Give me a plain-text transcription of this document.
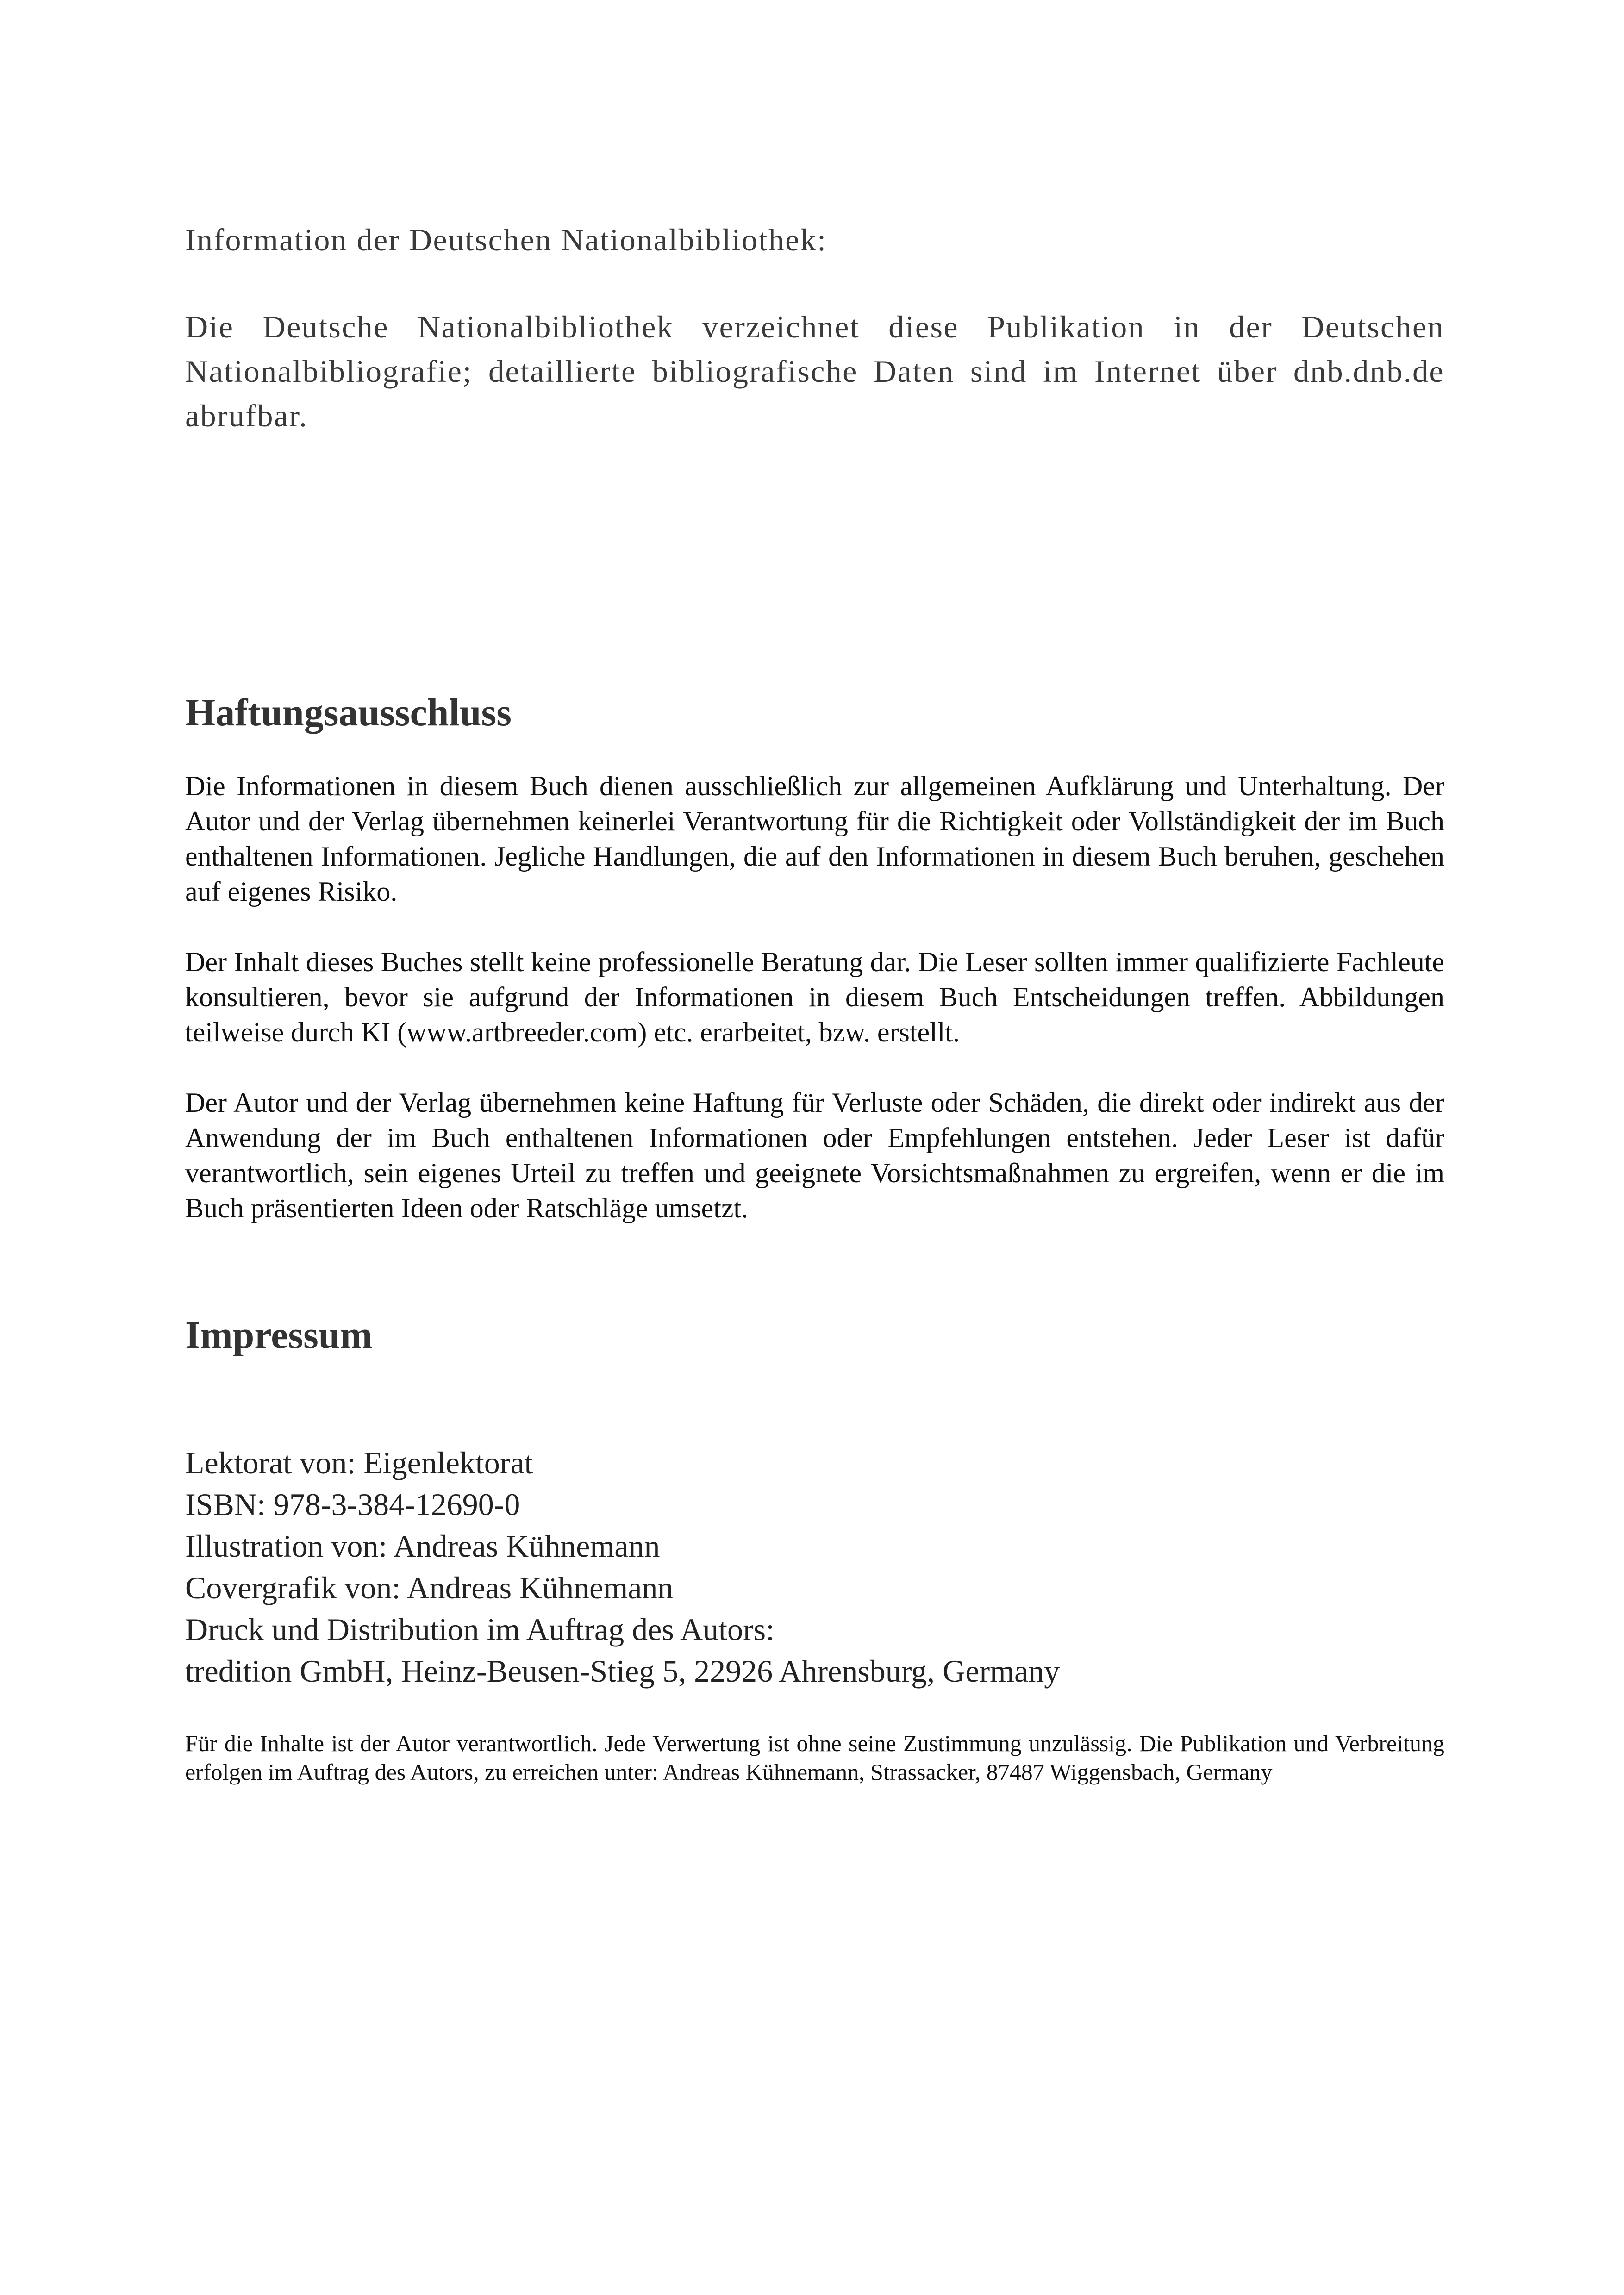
Information der Deutschen Nationalbibliothek:

Die Deutsche Nationalbibliothek verzeichnet diese Publikation in der Deutschen Nationalbibliografie; detaillierte bibliografische Daten sind im Internet über dnb.dnb.de abrufbar.

Haftungsausschluss

Die Informationen in diesem Buch dienen ausschließlich zur allgemeinen Aufklärung und Unterhaltung. Der Autor und der Verlag übernehmen keinerlei Verantwortung für die Richtigkeit oder Vollständigkeit der im Buch enthaltenen Informationen. Jegliche Handlungen, die auf den Informationen in diesem Buch beruhen, geschehen auf eigenes Risiko.

Der Inhalt dieses Buches stellt keine professionelle Beratung dar. Die Leser sollten immer qualifizierte Fachleute konsultieren, bevor sie aufgrund der Informationen in diesem Buch Entscheidungen treffen. Abbildungen teilweise durch KI (www.artbreeder.com) etc. erarbeitet, bzw. erstellt.

Der Autor und der Verlag übernehmen keine Haftung für Verluste oder Schäden, die direkt oder indirekt aus der Anwendung der im Buch enthaltenen Informationen oder Empfehlungen entstehen. Jeder Leser ist dafür verantwortlich, sein eigenes Urteil zu treffen und geeignete Vorsichtsmaßnahmen zu ergreifen, wenn er die im Buch präsentierten Ideen oder Ratschläge umsetzt.

Impressum
Lektorat von: Eigenlektorat
ISBN: 978-3-384-12690-0
Illustration von: Andreas Kühnemann
Covergrafik von: Andreas Kühnemann
Druck und Distribution im Auftrag des Autors:
tredition GmbH, Heinz-Beusen-Stieg 5, 22926 Ahrensburg, Germany

Für die Inhalte ist der Autor verantwortlich. Jede Verwertung ist ohne seine Zustimmung unzulässig. Die Publikation und Verbreitung erfolgen im Auftrag des Autors, zu erreichen unter: Andreas Kühnemann, Strassacker, 87487 Wiggensbach, Germany
